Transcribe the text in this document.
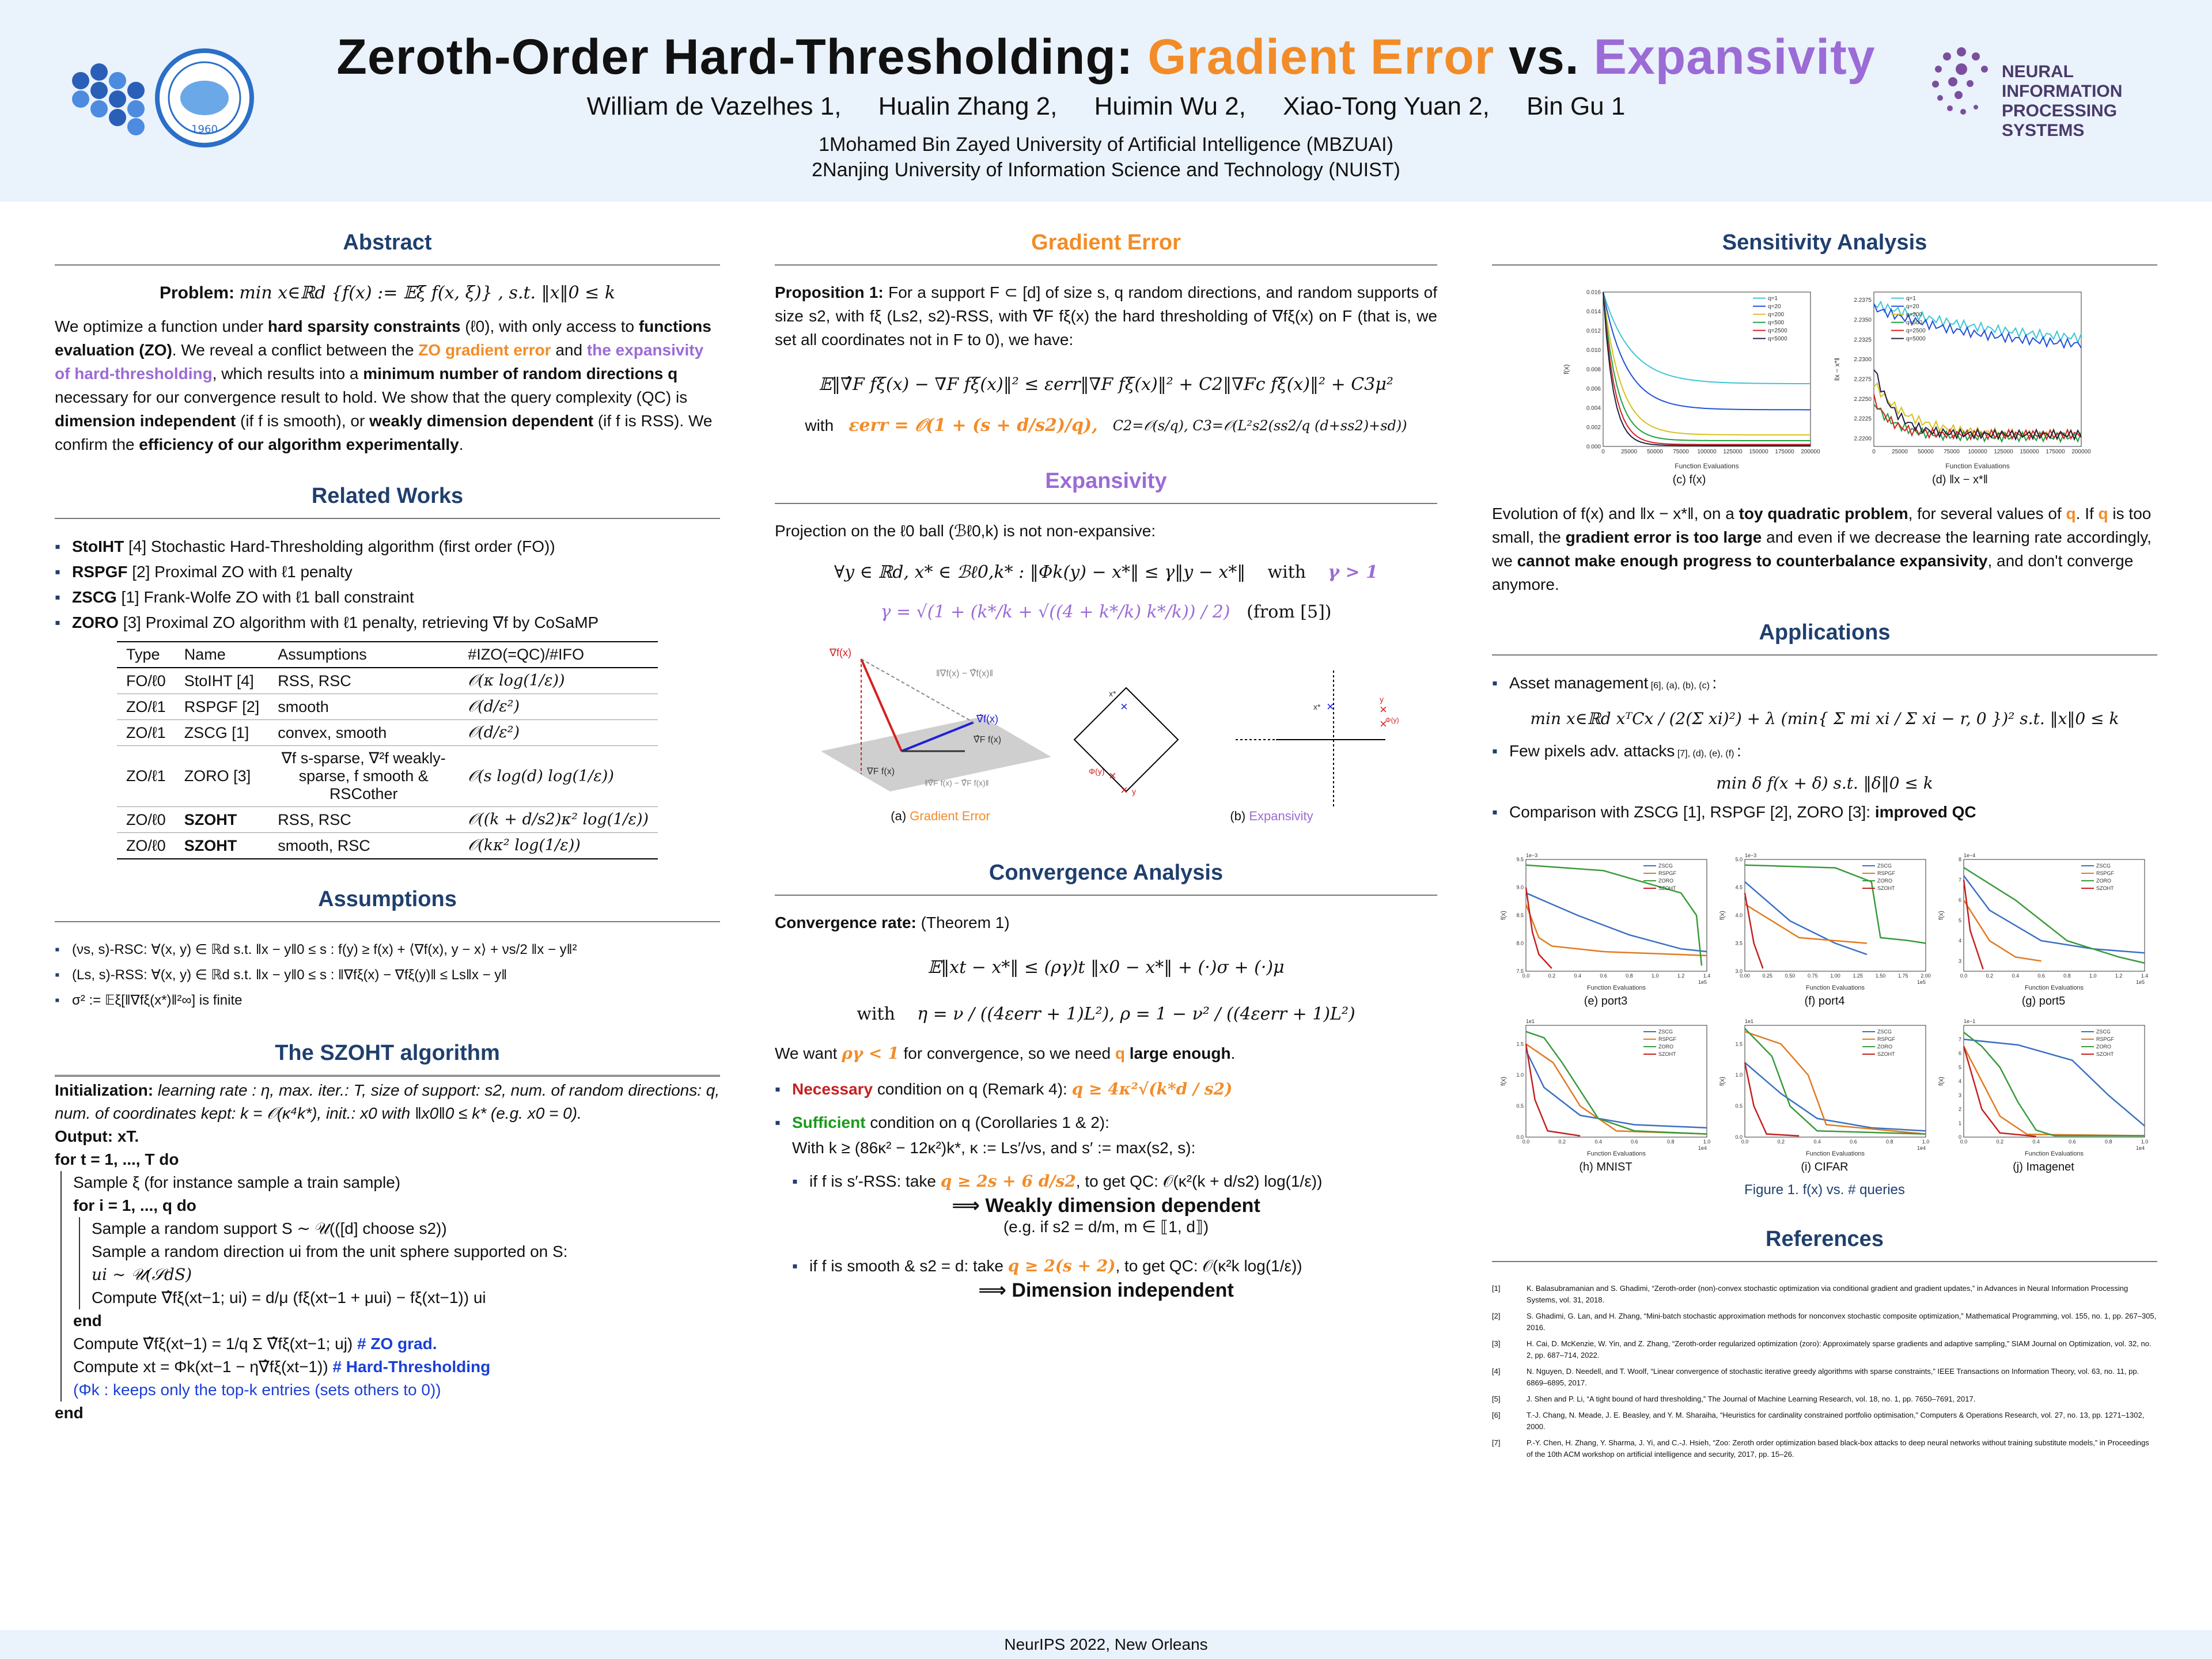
1960
Zeroth-Order Hard-Thresholding: Gradient Error vs. Expansivity
William de Vazelhes 1, Hualin Zhang 2, Huimin Wu 2, Xiao-Tong Yuan 2, Bin Gu 1
1Mohamed Bin Zayed University of Artificial Intelligence (MBZUAI)
2Nanjing University of Information Science and Technology (NUIST)
NEURAL INFORMATION
PROCESSING SYSTEMS
Abstract
Problem: min x∈ℝd {f(x) := 𝔼ξ f(x, ξ)} , s.t. ‖x‖0 ≤ k

We optimize a function under hard sparsity constraints (ℓ0), with only access to functions evaluation (ZO). We reveal a conflict between the ZO gradient error and the expansivity of hard-thresholding, which results into a minimum number of random directions q necessary for our convergence result to hold. We show that the query complexity (QC) is dimension independent (if f is smooth), or weakly dimension dependent (if f is RSS). We confirm the efficiency of our algorithm experimentally.

Related Works
▪ StoIHT [4] Stochastic Hard-Thresholding algorithm (first order (FO))
▪ RSPGF [2] Proximal ZO with ℓ1 penalty
▪ ZSCG [1] Frank-Wolfe ZO with ℓ1 ball constraint
▪ ZORO [3] Proximal ZO algorithm with ℓ1 penalty, retrieving ∇f by CoSaMP
Type	Name	Assumptions	#IZO(=QC)/#IFO
FO/ℓ0	StoIHT [4]	RSS, RSC	𝒪(κ log(1/ε))
ZO/ℓ1	RSPGF [2]	smooth	𝒪(d/ε²)
ZO/ℓ1	ZSCG [1]	convex, smooth	𝒪(d/ε²)
ZO/ℓ1	ZORO [3]	∇f s-sparse, ∇²f weakly-sparse, f smooth & RSCother	𝒪(s log(d) log(1/ε))
ZO/ℓ0	SZOHT	RSS, RSC	𝒪((k + d/s2)κ² log(1/ε))
ZO/ℓ0	SZOHT	smooth, RSC	𝒪(kκ² log(1/ε))
Assumptions
▪ (νs, s)-RSC: ∀(x, y) ∈ ℝd s.t. ‖x − y‖0 ≤ s : f(y) ≥ f(x) + ⟨∇f(x), y − x⟩ + νs/2 ‖x − y‖²
▪ (Ls, s)-RSS: ∀(x, y) ∈ ℝd s.t. ‖x − y‖0 ≤ s : ‖∇fξ(x) − ∇fξ(y)‖ ≤ Ls‖x − y‖
▪ σ² := 𝔼ξ[‖∇fξ(x*)‖²∞] is finite
The SZOHT algorithm
Initialization: learning rate : η, max. iter.: T, size of support: s2, num. of random directions: q, num. of coordinates kept: k = 𝒪(κ⁴k*), init.: x0 with ‖x0‖0 ≤ k* (e.g. x0 = 0).
Output: xT.
for t = 1, ..., T do
Sample ξ (for instance sample a train sample)
for i = 1, ..., q do
Sample a random support S ∼ 𝒰(([d] choose s2))
Sample a random direction ui from the unit sphere supported on S:
ui ∼ 𝒰(𝒮dS)
Compute ∇̂fξ(xt−1; ui) = d/μ (fξ(xt−1 + μui) − fξ(xt−1)) ui
end
Compute ∇̂fξ(xt−1) = 1/q Σ ∇̂fξ(xt−1; uj) # ZO grad.
Compute xt = Φk(xt−1 − η∇̂fξ(xt−1)) # Hard-Thresholding
(Φk : keeps only the top-k entries (sets others to 0))
end
Gradient Error

Proposition 1: For a support F ⊂ [d] of size s, q random directions, and random supports of size s2, with fξ (Ls2, s2)-RSS, with ∇̂F fξ(x) the hard thresholding of ∇fξ(x) on F (that is, we set all coordinates not in F to 0), we have:

𝔼‖∇̂F fξ(x) − ∇F fξ(x)‖² ≤ εerr‖∇F fξ(x)‖² + C2‖∇Fc fξ(x)‖² + C3μ²
with εerr = 𝒪(1 + (s + d/s2)/q), C2=𝒪(s/q), C3=𝒪(L²s2(ss2/q (d+ss2)+sd))
Expansivity

Projection on the ℓ0 ball (ℬℓ0,k) is not non-expansive:

∀y ∈ ℝd, x* ∈ ℬℓ0,k* : ‖Φk(y) − x*‖ ≤ γ‖y − x*‖ with γ > 1
γ = √(1 + (k*/k + √((4 + k*/k) k*/k)) / 2) (from [5])
∇f(x)
‖∇f(x) − ∇̂f(x)‖
∇̂f(x)
∇̂F f(x)
∇F f(x)
‖∇̂F f(x) − ∇̂F f(x)‖
x*
×
Φ(y) ×
× y
x* ×	y
×
×
Φ(y)
(a) Gradient Error	(b) Expansivity
Convergence Analysis

Convergence rate: (Theorem 1)

𝔼‖xt − x*‖ ≤ (ργ)t ‖x0 − x*‖ + (·)σ + (·)μ
with η = ν / ((4εerr + 1)L²), ρ = 1 − ν² / ((4εerr + 1)L²)

We want ργ < 1 for convergence, so we need q large enough.

▪ Necessary condition on q (Remark 4): q ≥ 4κ²√(k*d / s2)
▪ Sufficient condition on q (Corollaries 1 & 2):
With k ≥ (86κ² − 12κ²)k*, κ := Ls′/νs, and s′ := max(s2, s):
▪ if f is s′-RSS: take q ≥ 2s + 6 d/s2, to get QC: 𝒪(κ²(k + d/s2) log(1/ε))
⟹ Weakly dimension dependent
(e.g. if s2 = d/m, m ∈ ⟦1, d⟧)
▪ if f is smooth & s2 = d: take q ≥ 2(s + 2), to get QC: 𝒪(κ²k log(1/ε))
⟹ Dimension independent
Sensitivity Analysis
0	25000 50000 75000 100000 125000 150000 175000 200000
0.000
0.002
0.004
0.006
0.008
0.010
0.012
0.014
0.016
Function Evaluations
f(x)
q=1
q=20
q=200
q=500
q=2500
q=5000
(c) f(x)
0	25000 50000 75000 100000 125000 150000 175000 200000
2.2200
2.2225
2.2250
2.2275
2.2300
2.2325
2.2350
2.2375
Function Evaluations
‖x − x*‖
q=1
q=20
q=200
q=500
q=2500
q=5000
(d) ‖x − x*‖

Evolution of f(x) and ‖x − x*‖, on a toy quadratic problem, for several values of q. If q is too small, the gradient error is too large and even if we decrease the learning rate accordingly, we cannot make enough progress to counterbalance expansivity, and don't converge anymore.

Applications
▪ Asset management [6], (a), (b), (c) :
min x∈ℝd xᵀCx / (2(Σ xi)²) + λ (min{ Σ mi xi / Σ xi − r, 0 })² s.t. ‖x‖0 ≤ k
▪ Few pixels adv. attacks [7], (d), (e), (f) :
min δ f(x + δ) s.t. ‖δ‖0 ≤ k
▪ Comparison with ZSCG [1], RSPGF [2], ZORO [3]: improved QC
0.0	0.2	0.4	0.6	0.8	1.0	1.2	1.4
7.5
8.0
8.5
9.0
9.5
Function Evaluations
f(x)
1e−3
1e5
ZSCG
RSPGF
ZORO
SZOHT
(e) port3
0.00 0.25 0.50 0.75 1.00 1.25 1.50 1.75 2.00
3.0
3.5
4.0
4.5
5.0
Function Evaluations
f(x)
1e−3
1e5
ZSCG
RSPGF
ZORO
SZOHT
(f) port4
0.0	0.2	0.4	0.6	0.8	1.0	1.2	1.4
3
4
5
6
7
8
Function Evaluations
f(x)
1e−4
1e5
ZSCG
RSPGF
ZORO
SZOHT
(g) port5
0.0	0.2	0.4	0.6	0.8	1.0
0.0
0.5
1.0
1.5
Function Evaluations
f(x)
1e1
1e4
ZSCG
RSPGF
ZORO
SZOHT
(h) MNIST
0.0	0.2	0.4	0.6	0.8	1.0
0.0
0.5
1.0
1.5
Function Evaluations
f(x)
1e1
1e4
ZSCG
RSPGF
ZORO
SZOHT
(i) CIFAR
0.0	0.2	0.4	0.6	0.8	1.0
0
1
2
3
4
5
6
7
Function Evaluations
f(x)
1e−1
1e4
ZSCG
RSPGF
ZORO
SZOHT
(j) Imagenet
Figure 1. f(x) vs. # queries
References
[1]	K. Balasubramanian and S. Ghadimi, “Zeroth-order (non)-convex stochastic optimization via conditional gradient and gradient updates,” in Advances in Neural Information Processing Systems, vol. 31, 2018.
[2]	S. Ghadimi, G. Lan, and H. Zhang, “Mini-batch stochastic approximation methods for nonconvex stochastic composite optimization,” Mathematical Programming, vol. 155, no. 1, pp. 267–305, 2016.
[3]	H. Cai, D. McKenzie, W. Yin, and Z. Zhang, “Zeroth-order regularized optimization (zoro): Approximately sparse gradients and adaptive sampling,” SIAM Journal on Optimization, vol. 32, no. 2, pp. 687–714, 2022.
[4]	N. Nguyen, D. Needell, and T. Woolf, “Linear convergence of stochastic iterative greedy algorithms with sparse constraints,” IEEE Transactions on Information Theory, vol. 63, no. 11, pp. 6869–6895, 2017.
[5]	J. Shen and P. Li, “A tight bound of hard thresholding,” The Journal of Machine Learning Research, vol. 18, no. 1, pp. 7650–7691, 2017.
[6]	T.-J. Chang, N. Meade, J. E. Beasley, and Y. M. Sharaiha, “Heuristics for cardinality constrained portfolio optimisation,” Computers & Operations Research, vol. 27, no. 13, pp. 1271–1302, 2000.
[7]	P.-Y. Chen, H. Zhang, Y. Sharma, J. Yi, and C.-J. Hsieh, “Zoo: Zeroth order optimization based black-box attacks to deep neural networks without training substitute models,” in Proceedings of the 10th ACM workshop on artificial intelligence and security, 2017, pp. 15–26.
NeurIPS 2022, New Orleans
